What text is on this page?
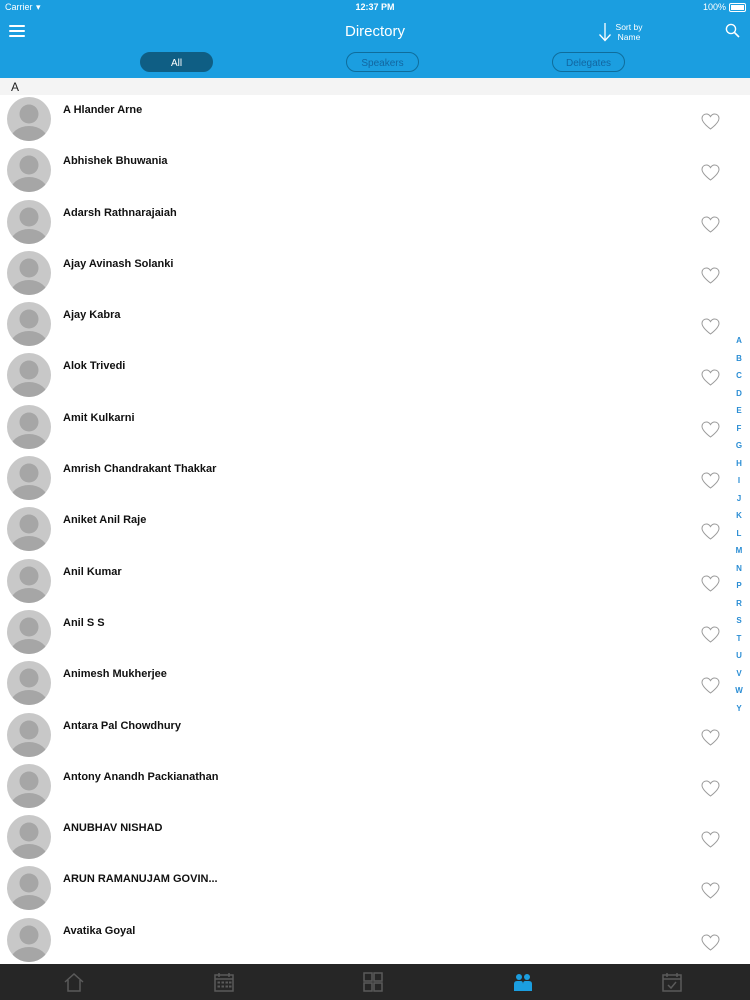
Carrier ▾	12:37 PM	100%
Directory	Sort by
Name
All	Speakers	Delegates
A
A Hlander Arne
Abhishek Bhuwania
Adarsh Rathnarajaiah
Ajay Avinash Solanki
Ajay Kabra
Alok Trivedi
Amit Kulkarni
Amrish Chandrakant Thakkar
Aniket Anil Raje
Anil Kumar
Anil S S
Animesh Mukherjee
Antara Pal Chowdhury
Antony Anandh Packianathan
ANUBHAV NISHAD
ARUN RAMANUJAM GOVIN...
Avatika Goyal
A
B
C
D
E
F
G
H
I
J
K
L
M
N
P
R
S
T
U
V
W
Y
